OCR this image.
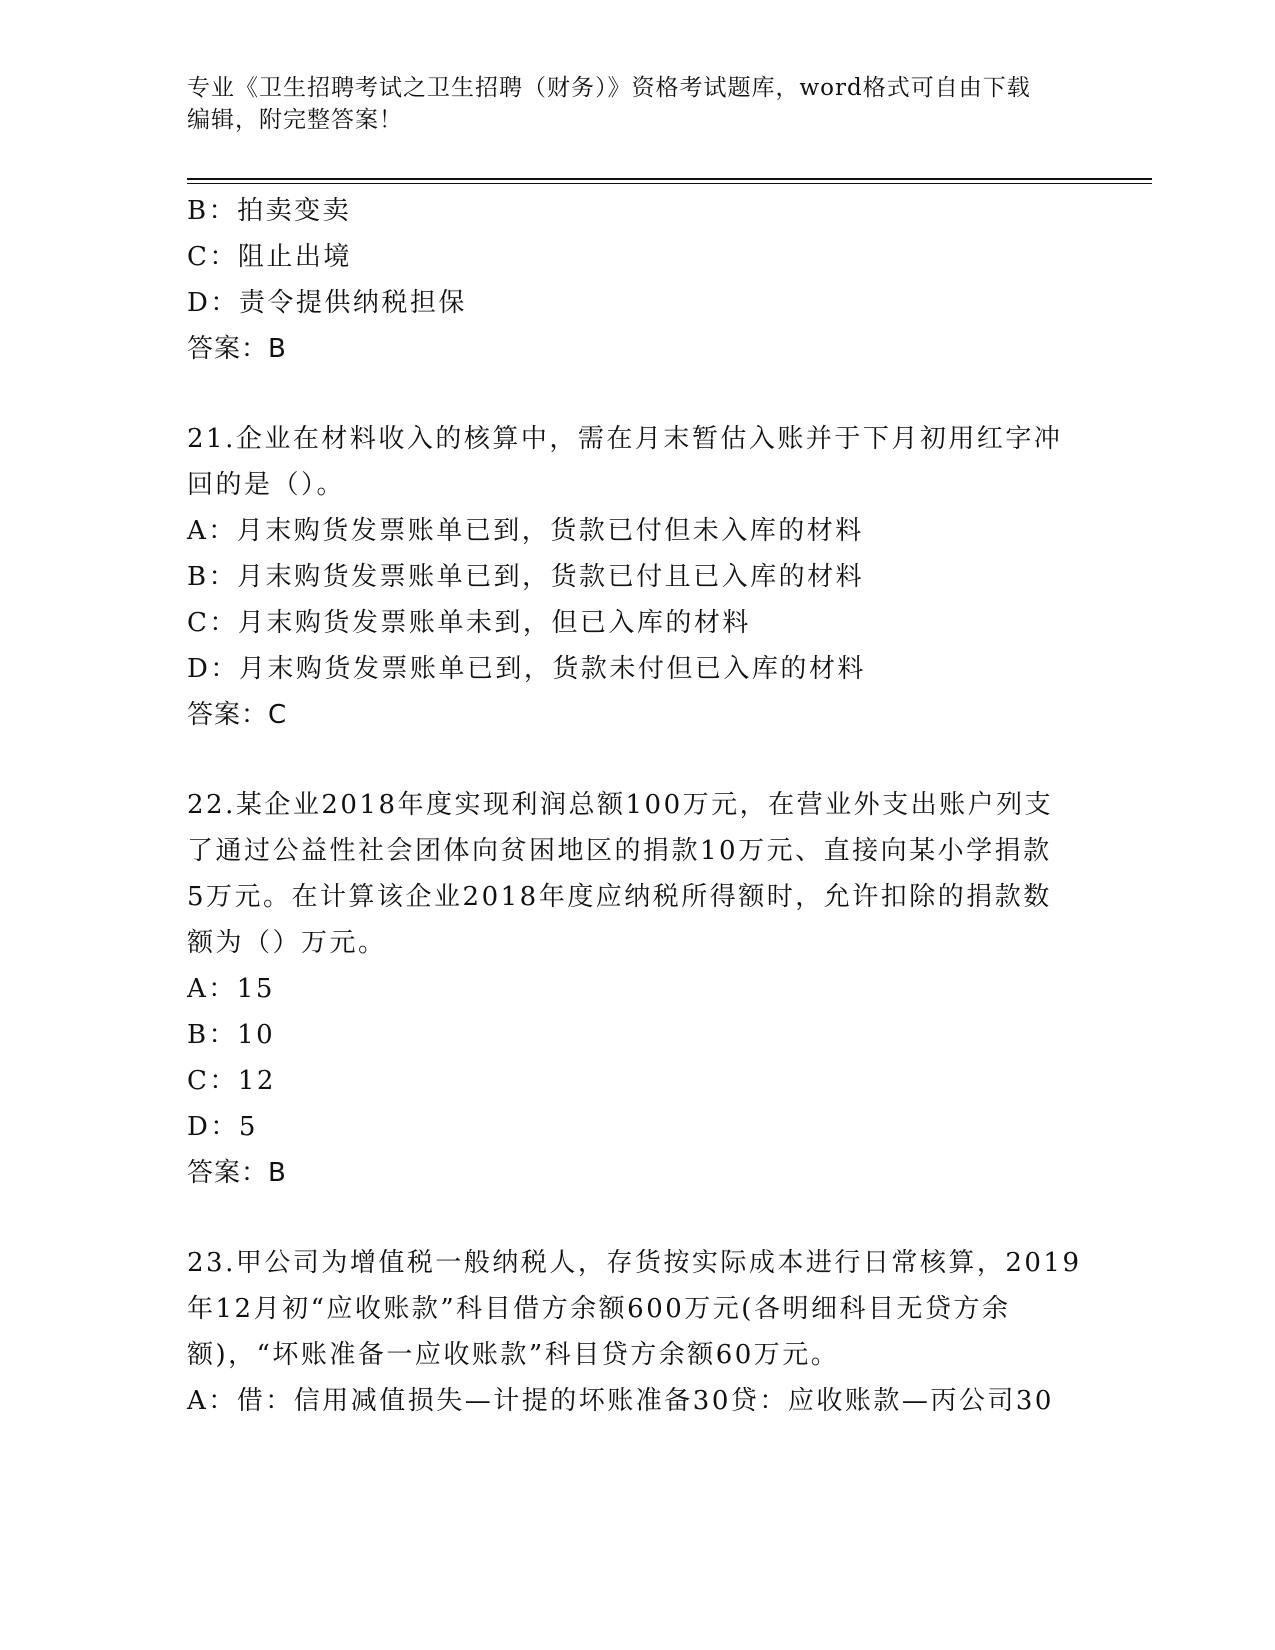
专业《卫生招聘考试之卫生招聘（财务）》资格考试题库，word格式可自由下载
编辑，附完整答案！
B：拍卖变卖
C：阻止出境
D：责令提供纳税担保
答案：B
21.企业在材料收入的核算中，需在月末暂估入账并于下月初用红字冲
回的是（）。
A：月末购货发票账单已到，货款已付但未入库的材料
B：月末购货发票账单已到，货款已付且已入库的材料
C：月末购货发票账单未到，但已入库的材料
D：月末购货发票账单已到，货款未付但已入库的材料
答案：C
22.某企业2018年度实现利润总额100万元，在营业外支出账户列支
了通过公益性社会团体向贫困地区的捐款10万元、直接向某小学捐款
5万元。在计算该企业2018年度应纳税所得额时，允许扣除的捐款数
额为（）万元。
A：15
B：10
C：12
D：5
答案：B
23.甲公司为增值税一般纳税人，存货按实际成本进行日常核算，2019
年12月初“应收账款”科目借方余额600万元(各明细科目无贷方余
额)，“坏账准备一应收账款”科目贷方余额60万元。
A：借：信用减值损失—计提的坏账准备30贷：应收账款—丙公司30
